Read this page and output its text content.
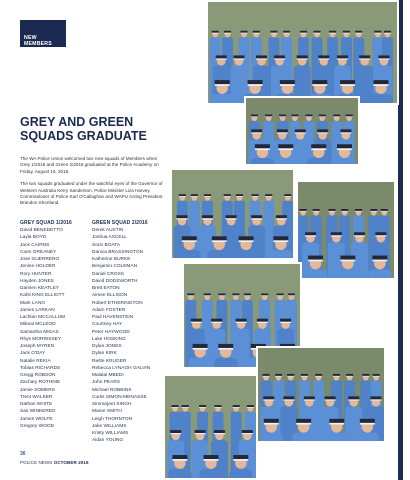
NEW
MEMBERS
GREY AND GREEN
SQUADS GRADUATE

The WA Police Union welcomed two new squads of Members when Grey 1/2016 and Green 2/2016 graduated at the Police Academy on Friday, August 19, 2016.

The two squads graduated under the watchful eyes of the Governor of Western Australia Kerry Sanderson, Police Minister Liza Harvey, Commissioner of Police Karl O'Callaghan and WAPU Acting President Brandon Shortland.

GREY SQUAD 1/2016
David BENEDETTO
Layla BOYD
Jack CAIRNS
Coen GREANEY
Jose GUERRERO
Jenine HOLDER
Rory HUNTER
Hayden JONES
Damien KEATLEY
Kahli KING ELLIOTT
Mark LANG
James LARKAN
Lachlan MCCALLUM
Mikeal MCLEOD
Samantha MIGAS
Rhys MORRISSEY
Joseph MYREN
Jack O'DAY
Natalie REKIA
Tobias RICHARDS
Gregg ROBSON
Zachary ROTHNIE
Jamie SOMERS
Trent WALKER
Nathan WHITE
Sas WINKERED
James WOLFE
Gregory WOOD
GREEN SQUAD 2/2016
Derek AUSTIN
Joshua AXCELL
Sorin BOATA
Danica BRASSINGTON
Katherine BURKE
Benjamin COLEMAN
Daniel CROSS
David DODSWORTH
Brett EATON
Aimee ELLISON
Robert ETHERINGTON
Adam FOSTER
Paul HAVENSTEIN
Courtney HAY
Peter HAYWOOD
Luke HOSKING
Dylan JONES
Dylan KIRK
Riette KRUGER
Rebecca LYNAGH GALVIN
Malalai MBEDI
John PEARS
Michael ROBBINS
Curtis SIMON-MENASSE
Simranjeet SINGH
Maree SMITH
Leigh THORNTON
Jake WILLIAMS
Kristy WILLIAMS
Aidan YOUNG
36
POLICE NEWS OCTOBER 2016
